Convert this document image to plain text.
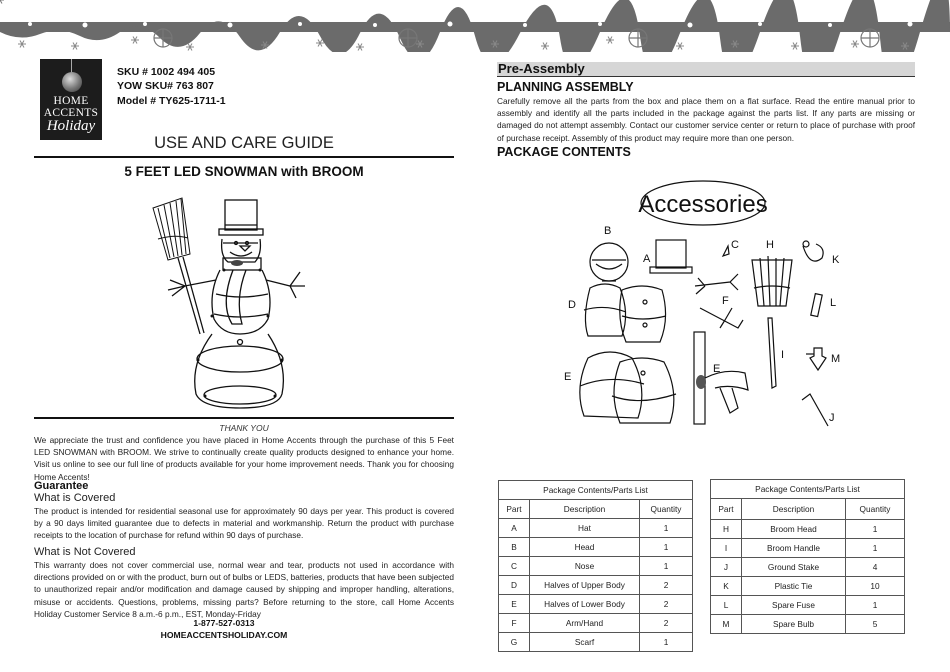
HOME
ACCENTS
Holiday
SKU # 1002 494 405
YOW SKU# 763 807
Model # TY625-1711-1
USE AND CARE GUIDE
5 FEET LED SNOWMAN with BROOM
THANK YOU
We appreciate the trust and confidence you have placed in Home Accents through the purchase of this 5 Feet LED SNOWMAN with BROOM. We strive to continually create quality products designed to enhance your home. Visit us online to see our full line of products available for your home improvement needs. Thank you for choosing Home Accents!
Guarantee
What is Covered
The product is intended for residential seasonal use for approximately 90 days per year. This product is covered by a 90 days limited guarantee due to defects in material and workmanship. Return the product with purchase receipts to the location of purchase for refund within 90 days of purchase.
What is Not Covered
This warranty does not cover commercial use, normal wear and tear, products not used in accordance with directions provided on or with the product, burn out of bulbs or LEDS, batteries, products that have been subjected to unauthorized repair and/or modification and damage caused by shipping and improper handling, alterations, misuse or accidents. Questions, problems, missing parts? Before returning to the store, call Home Accents Holiday Customer Service 8 a.m.-6 p.m., EST, Monday-Friday
1-877-527-0313
HOMEACCENTSHOLIDAY.COM
Pre-Assembly
PLANNING ASSEMBLY
Carefully remove all the parts from the box and place them on a flat surface. Read the entire manual prior to assembly and identify all the parts included in the package against the parts list. If any parts are missing or damaged do not attempt assembly. Contact our customer service center or return to place of purchase with proof of purchase receipt. Assembly of this product may require more than one person.
PACKAGE CONTENTS
Accessories
B
A
C H
K
F
D
E
E
I
L
M
J
Package Contents/Parts List		
Part	Description	Quantity
A	Hat	1
B	Head	1
C	Nose	1
D	Halves of Upper Body	2
E	Halves of Lower Body	2
F	Arm/Hand	2
G	Scarf	1
Package Contents/Parts List		
Part	Description	Quantity
H	Broom Head	1
I	Broom Handle	1
J	Ground Stake	4
K	Plastic Tie	10
L	Spare Fuse	1
M	Spare Bulb	5
